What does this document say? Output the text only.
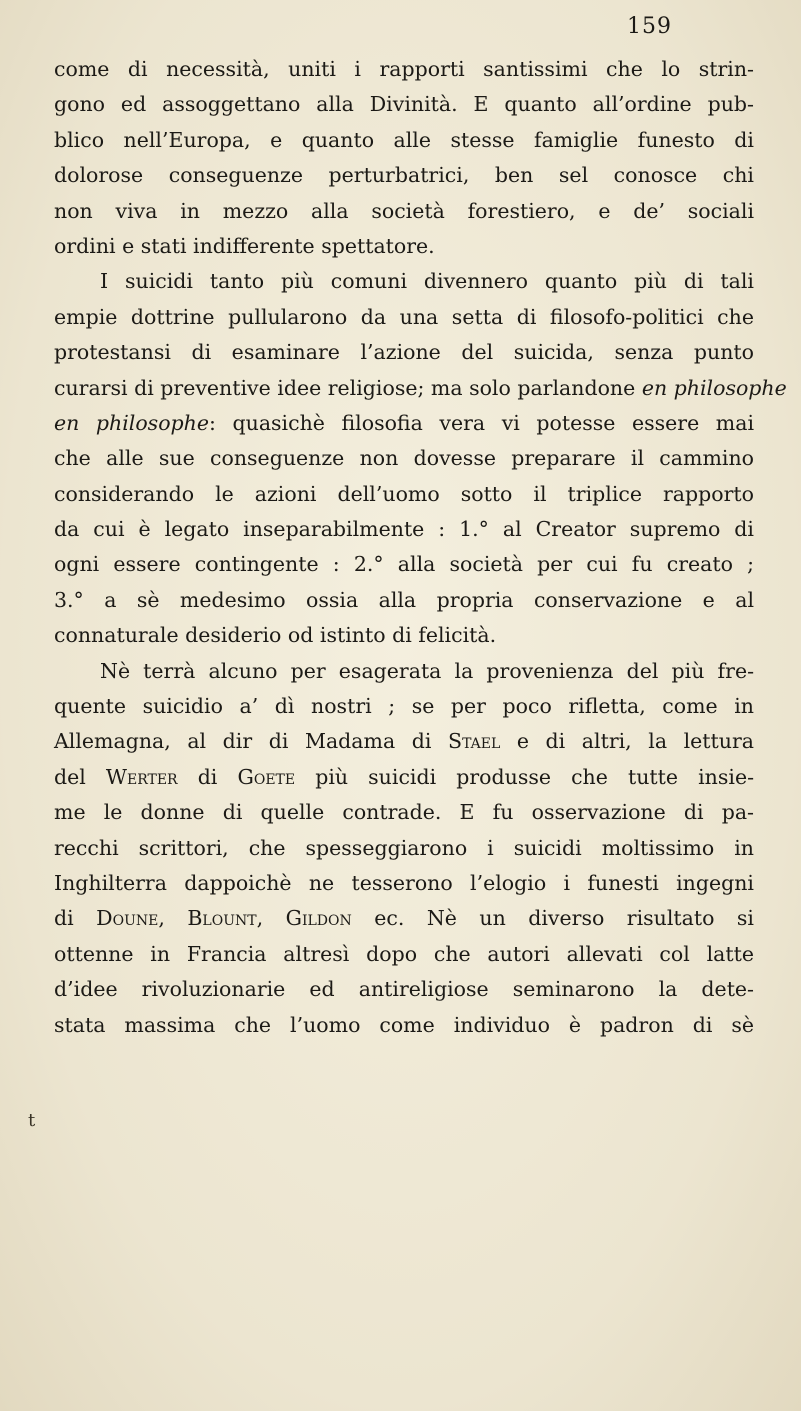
159
come di necessità, uniti i rapporti santissimi che lo strin-
gono ed assoggettano alla Divinità. E quanto all’ordine pub-
blico nell’Europa, e quanto alle stesse famiglie funesto di
dolorose conseguenze perturbatrici, ben sel conosce chi
non viva in mezzo alla società forestiero, e de’ sociali
ordini e stati indifferente spettatore.
I suicidi tanto più comuni divennero quanto più di tali
empie dottrine pullularono da una setta di filosofo-politici che
protestansi di esaminare l’azione del suicida, senza punto
curarsi di preventive idee religiose; ma solo parlandone en philosophe
en philosophe: quasichè filosofia vera vi potesse essere mai
che alle sue conseguenze non dovesse preparare il cammino
considerando le azioni dell’uomo sotto il triplice rapporto
da cui è legato inseparabilmente : 1.° al Creator supremo di
ogni essere contingente : 2.° alla società per cui fu creato ;
3.° a sè medesimo ossia alla propria conservazione e al
connaturale desiderio od istinto di felicità.
Nè terrà alcuno per esagerata la provenienza del più fre-
quente suicidio a’ dì nostri ; se per poco rifletta, come in
Allemagna, al dir di Madama di Stael e di altri, la lettura
del Werter di Goete più suicidi produsse che tutte insie-
me le donne di quelle contrade. E fu osservazione di pa-
recchi scrittori, che spesseggiarono i suicidi moltissimo in
Inghilterra dappoichè ne tesserono l’elogio i funesti ingegni
di Doune, Blount, Gildon ec. Nè un diverso risultato si
ottenne in Francia altresì dopo che autori allevati col latte
d’idee rivoluzionarie ed antireligiose seminarono la dete-
stata massima che l’uomo come individuo è padron di sè
t
